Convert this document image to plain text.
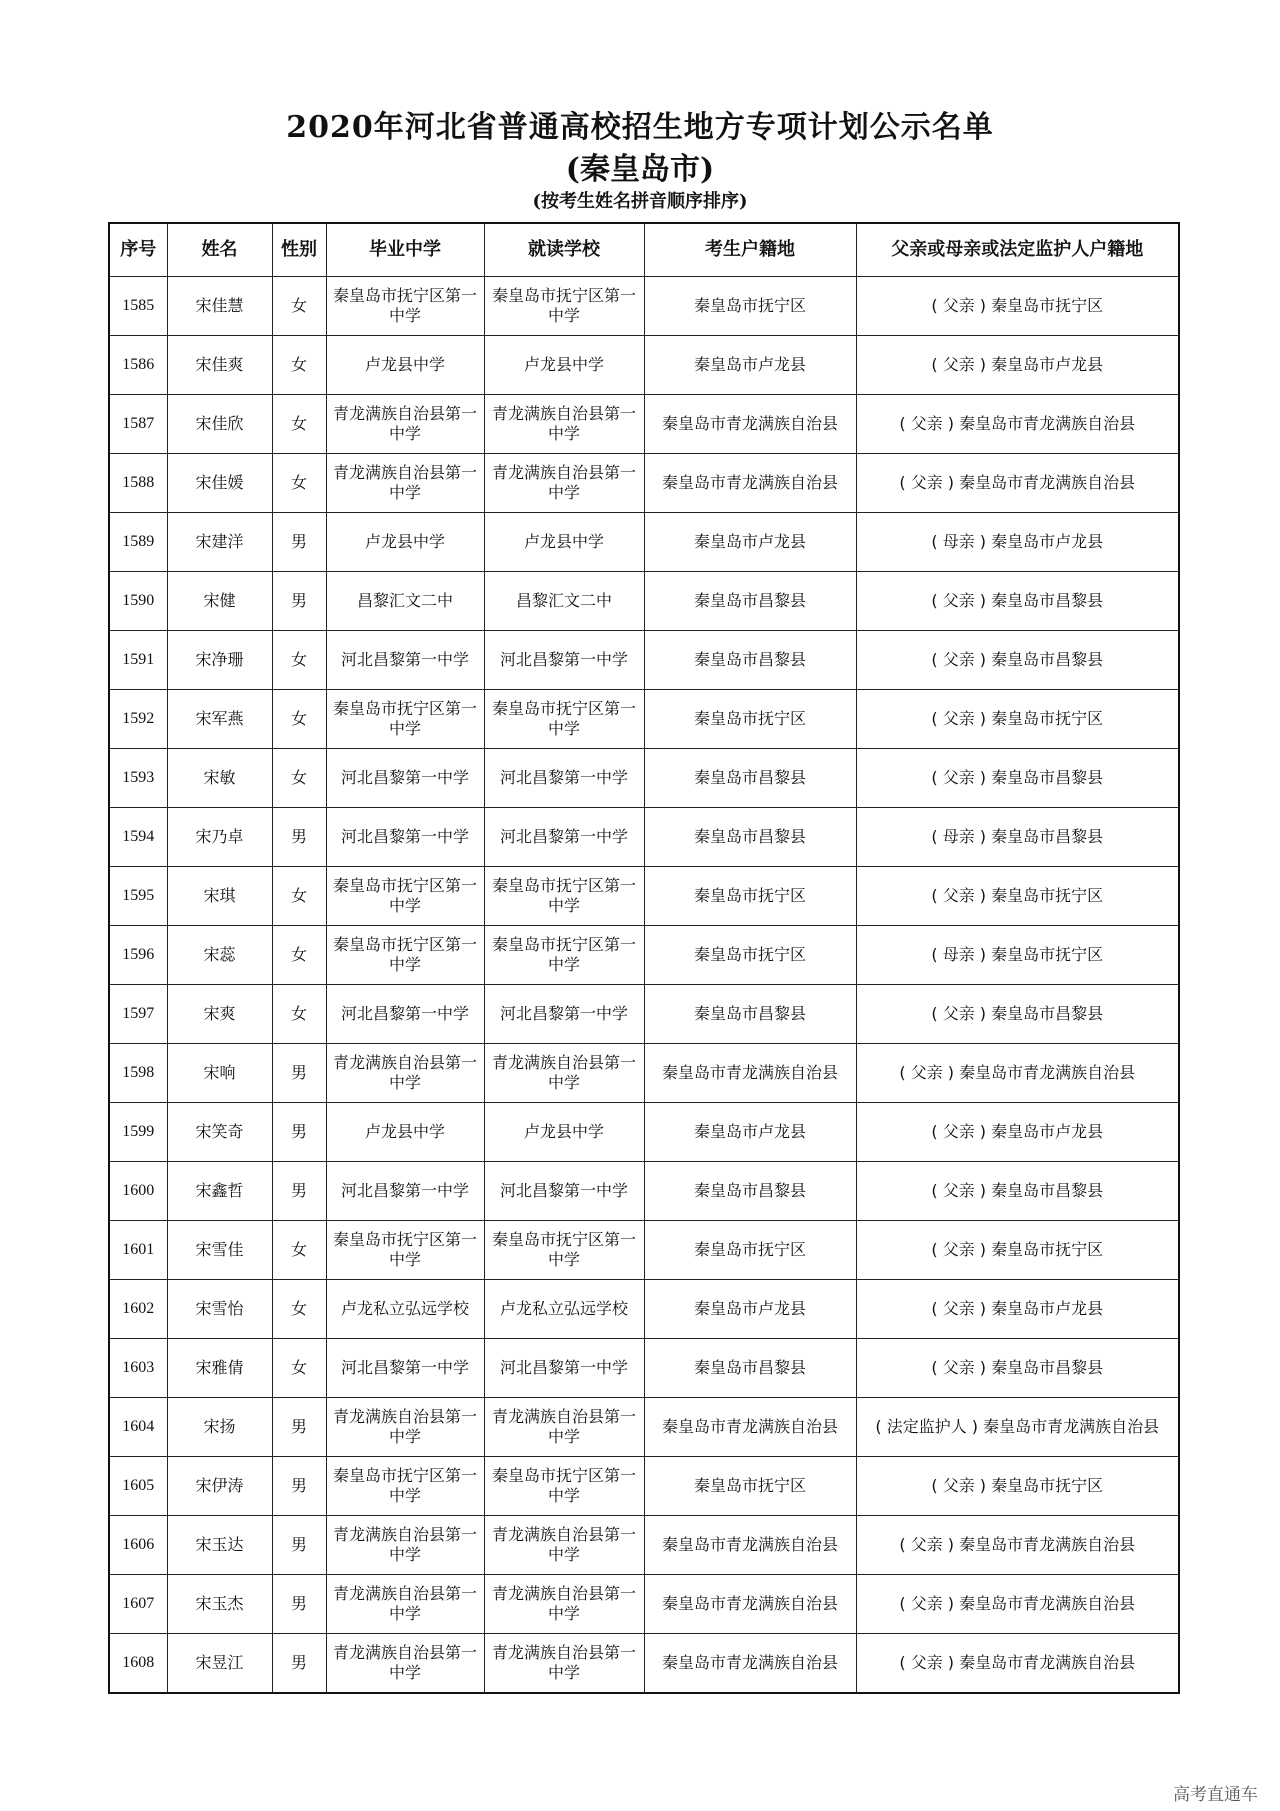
2020年河北省普通高校招生地方专项计划公示名单
(秦皇岛市)
(按考生姓名拼音顺序排序)
序号	姓名	性别	毕业中学	就读学校	考生户籍地	父亲或母亲或法定监护人户籍地
1585	宋佳慧	女	秦皇岛市抚宁区第一中学	秦皇岛市抚宁区第一中学	秦皇岛市抚宁区	( 父亲 ) 秦皇岛市抚宁区
1586	宋佳爽	女	卢龙县中学	卢龙县中学	秦皇岛市卢龙县	( 父亲 ) 秦皇岛市卢龙县
1587	宋佳欣	女	青龙满族自治县第一中学	青龙满族自治县第一中学	秦皇岛市青龙满族自治县	( 父亲 ) 秦皇岛市青龙满族自治县
1588	宋佳媛	女	青龙满族自治县第一中学	青龙满族自治县第一中学	秦皇岛市青龙满族自治县	( 父亲 ) 秦皇岛市青龙满族自治县
1589	宋建洋	男	卢龙县中学	卢龙县中学	秦皇岛市卢龙县	( 母亲 ) 秦皇岛市卢龙县
1590	宋健	男	昌黎汇文二中	昌黎汇文二中	秦皇岛市昌黎县	( 父亲 ) 秦皇岛市昌黎县
1591	宋净珊	女	河北昌黎第一中学	河北昌黎第一中学	秦皇岛市昌黎县	( 父亲 ) 秦皇岛市昌黎县
1592	宋军燕	女	秦皇岛市抚宁区第一中学	秦皇岛市抚宁区第一中学	秦皇岛市抚宁区	( 父亲 ) 秦皇岛市抚宁区
1593	宋敏	女	河北昌黎第一中学	河北昌黎第一中学	秦皇岛市昌黎县	( 父亲 ) 秦皇岛市昌黎县
1594	宋乃卓	男	河北昌黎第一中学	河北昌黎第一中学	秦皇岛市昌黎县	( 母亲 ) 秦皇岛市昌黎县
1595	宋琪	女	秦皇岛市抚宁区第一中学	秦皇岛市抚宁区第一中学	秦皇岛市抚宁区	( 父亲 ) 秦皇岛市抚宁区
1596	宋蕊	女	秦皇岛市抚宁区第一中学	秦皇岛市抚宁区第一中学	秦皇岛市抚宁区	( 母亲 ) 秦皇岛市抚宁区
1597	宋爽	女	河北昌黎第一中学	河北昌黎第一中学	秦皇岛市昌黎县	( 父亲 ) 秦皇岛市昌黎县
1598	宋响	男	青龙满族自治县第一中学	青龙满族自治县第一中学	秦皇岛市青龙满族自治县	( 父亲 ) 秦皇岛市青龙满族自治县
1599	宋笑奇	男	卢龙县中学	卢龙县中学	秦皇岛市卢龙县	( 父亲 ) 秦皇岛市卢龙县
1600	宋鑫哲	男	河北昌黎第一中学	河北昌黎第一中学	秦皇岛市昌黎县	( 父亲 ) 秦皇岛市昌黎县
1601	宋雪佳	女	秦皇岛市抚宁区第一中学	秦皇岛市抚宁区第一中学	秦皇岛市抚宁区	( 父亲 ) 秦皇岛市抚宁区
1602	宋雪怡	女	卢龙私立弘远学校	卢龙私立弘远学校	秦皇岛市卢龙县	( 父亲 ) 秦皇岛市卢龙县
1603	宋雅倩	女	河北昌黎第一中学	河北昌黎第一中学	秦皇岛市昌黎县	( 父亲 ) 秦皇岛市昌黎县
1604	宋扬	男	青龙满族自治县第一中学	青龙满族自治县第一中学	秦皇岛市青龙满族自治县	( 法定监护人 ) 秦皇岛市青龙满族自治县
1605	宋伊涛	男	秦皇岛市抚宁区第一中学	秦皇岛市抚宁区第一中学	秦皇岛市抚宁区	( 父亲 ) 秦皇岛市抚宁区
1606	宋玉达	男	青龙满族自治县第一中学	青龙满族自治县第一中学	秦皇岛市青龙满族自治县	( 父亲 ) 秦皇岛市青龙满族自治县
1607	宋玉杰	男	青龙满族自治县第一中学	青龙满族自治县第一中学	秦皇岛市青龙满族自治县	( 父亲 ) 秦皇岛市青龙满族自治县
1608	宋昱江	男	青龙满族自治县第一中学	青龙满族自治县第一中学	秦皇岛市青龙满族自治县	( 父亲 ) 秦皇岛市青龙满族自治县
高考直通车
